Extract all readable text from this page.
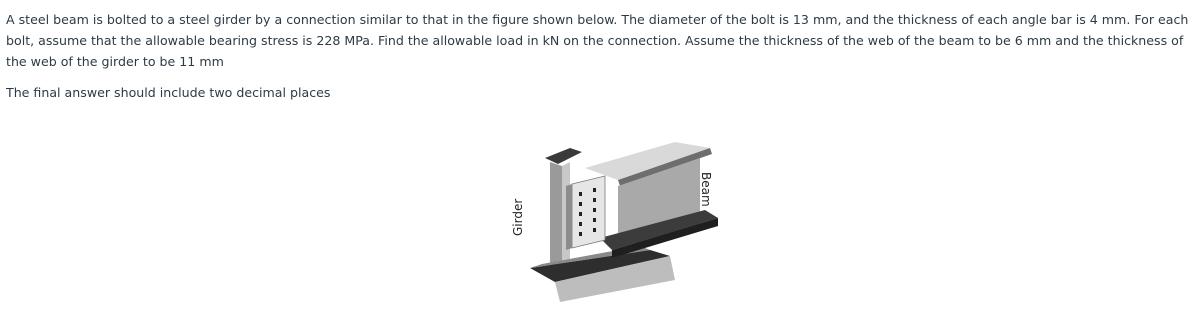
A steel beam is bolted to a steel girder by a connection similar to that in the figure shown below. The diameter of the bolt is 13 mm, and the thickness of each angle bar is 4 mm. For each bolt, assume that the allowable bearing stress is 228 MPa. Find the allowable load in kN on the connection. Assume the thickness of the web of the beam to be 6 mm and the thickness of the web of the girder to be 11 mm

The final answer should include two decimal places

Girder
Beam
